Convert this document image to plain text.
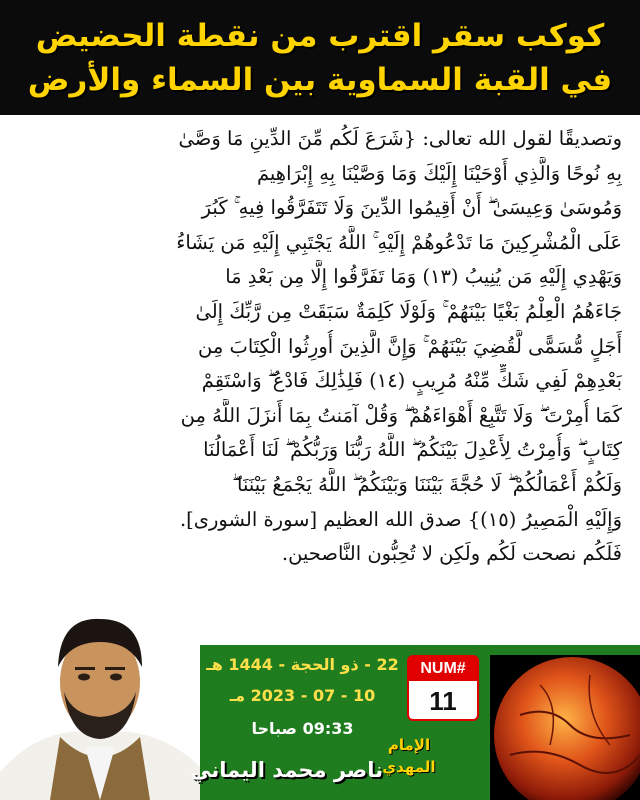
كوكب سقر اقترب من نقطة الحضيض
في القبة السماوية بين السماء والأرض

وتصديقًا لقول الله تعالى: {شَرَعَ لَكُم مِّنَ الدِّينِ مَا وَصَّىٰ

بِهِ نُوحًا وَالَّذِي أَوْحَيْنَا إِلَيْكَ وَمَا وَصَّيْنَا بِهِ إِبْرَاهِيمَ

وَمُوسَىٰ وَعِيسَىٰ ۖ أَنْ أَقِيمُوا الدِّينَ وَلَا تَتَفَرَّقُوا فِيهِ ۚ كَبُرَ

عَلَى الْمُشْرِكِينَ مَا تَدْعُوهُمْ إِلَيْهِ ۚ اللَّهُ يَجْتَبِي إِلَيْهِ مَن يَشَاءُ

وَيَهْدِي إِلَيْهِ مَن يُنِيبُ (١٣) وَمَا تَفَرَّقُوا إِلَّا مِن بَعْدِ مَا

جَاءَهُمُ الْعِلْمُ بَغْيًا بَيْنَهُمْ ۚ وَلَوْلَا كَلِمَةٌ سَبَقَتْ مِن رَّبِّكَ إِلَىٰ

أَجَلٍ مُّسَمًّى لَّقُضِيَ بَيْنَهُمْ ۚ وَإِنَّ الَّذِينَ أُورِثُوا الْكِتَابَ مِن

بَعْدِهِمْ لَفِي شَكٍّ مِّنْهُ مُرِيبٍ (١٤) فَلِذَٰلِكَ فَادْعُ ۖ وَاسْتَقِمْ

كَمَا أُمِرْتَ ۖ وَلَا تَتَّبِعْ أَهْوَاءَهُمْ ۖ وَقُلْ آمَنتُ بِمَا أَنزَلَ اللَّهُ مِن

كِتَابٍ ۖ وَأُمِرْتُ لِأَعْدِلَ بَيْنَكُمُ ۖ اللَّهُ رَبُّنَا وَرَبُّكُمْ ۖ لَنَا أَعْمَالُنَا

وَلَكُمْ أَعْمَالُكُمْ ۖ لَا حُجَّةَ بَيْنَنَا وَبَيْنَكُمُ ۖ اللَّهُ يَجْمَعُ بَيْنَنَا ۖ

وَإِلَيْهِ الْمَصِيرُ (١٥)} صدق الله العظيم [سورة الشورى].

فَلَكُم نصحت لَكُم ولَكِن لا تُحِبُّون النَّاصحين.

22 - ذو الحجة - 1444 هـ
10 - 07 - 2023 مـ
09:33 صباحا
NUM#
11
الإمام المهدي
ناصر محمد اليماني
